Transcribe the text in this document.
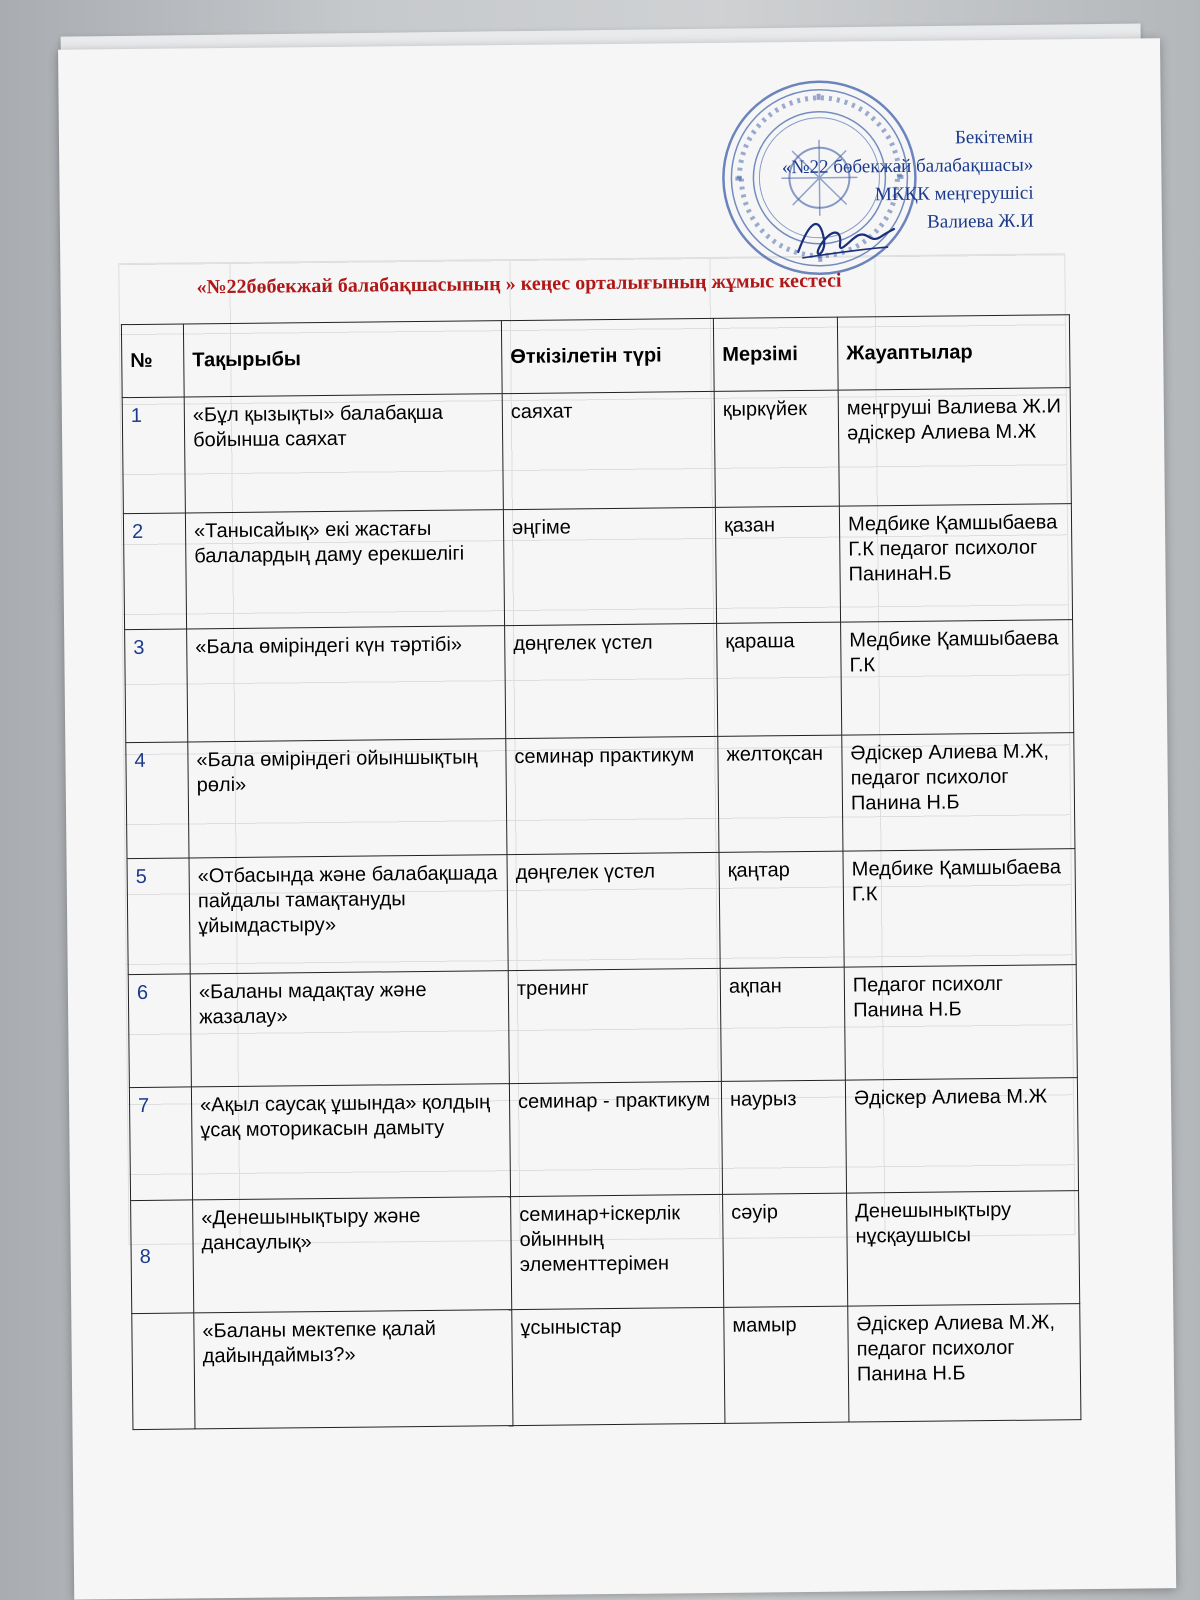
Бекітемін
«№22 бөбекжай балабақшасы»
МКҚК меңгерушісі
Валиева Ж.И
«№22бөбекжай балабақшасының » кеңес орталығының жұмыс кестесі
№	Тақырыбы	Өткізілетін түрі	Мерзімі	Жауаптылар
1	«Бұл қызықты» балабақша бойынша саяхат	саяхат	қыркүйек	меңгруші Валиева Ж.И әдіскер Алиева М.Ж
2	«Танысайық» екі жастағы балалардың даму ерекшелігі	әңгіме	қазан	Медбике Қамшыбаева Г.К педагог психолог ПанинаН.Б
3	«Бала өміріндегі күн тәртібі»	дөңгелек үстел	қараша	Медбике Қамшыбаева Г.К
4	«Бала өміріндегі ойыншықтың рөлі»	семинар практикум	желтоқсан	Әдіскер Алиева М.Ж, педагог психолог Панина Н.Б
5	«Отбасында және балабақшада пайдалы тамақтануды ұйымдастыру»	дөңгелек үстел	қаңтар	Медбике Қамшыбаева Г.К
6	«Баланы мадақтау және жазалау»	тренинг	ақпан	Педагог психолг Панина Н.Б
7	«Ақыл саусақ ұшында» қолдың ұсақ моторикасын дамыту	семинар - практикум	наурыз	Әдіскер Алиева М.Ж
8	«Денешынықтыру және дансаулық»	семинар+іскерлік ойынның элементтерімен	сәуір	Денешынықтыру нұсқаушысы
	«Баланы мектепке қалай дайындаймыз?»	ұсыныстар	мамыр	Әдіскер Алиева М.Ж, педагог психолог Панина Н.Б
